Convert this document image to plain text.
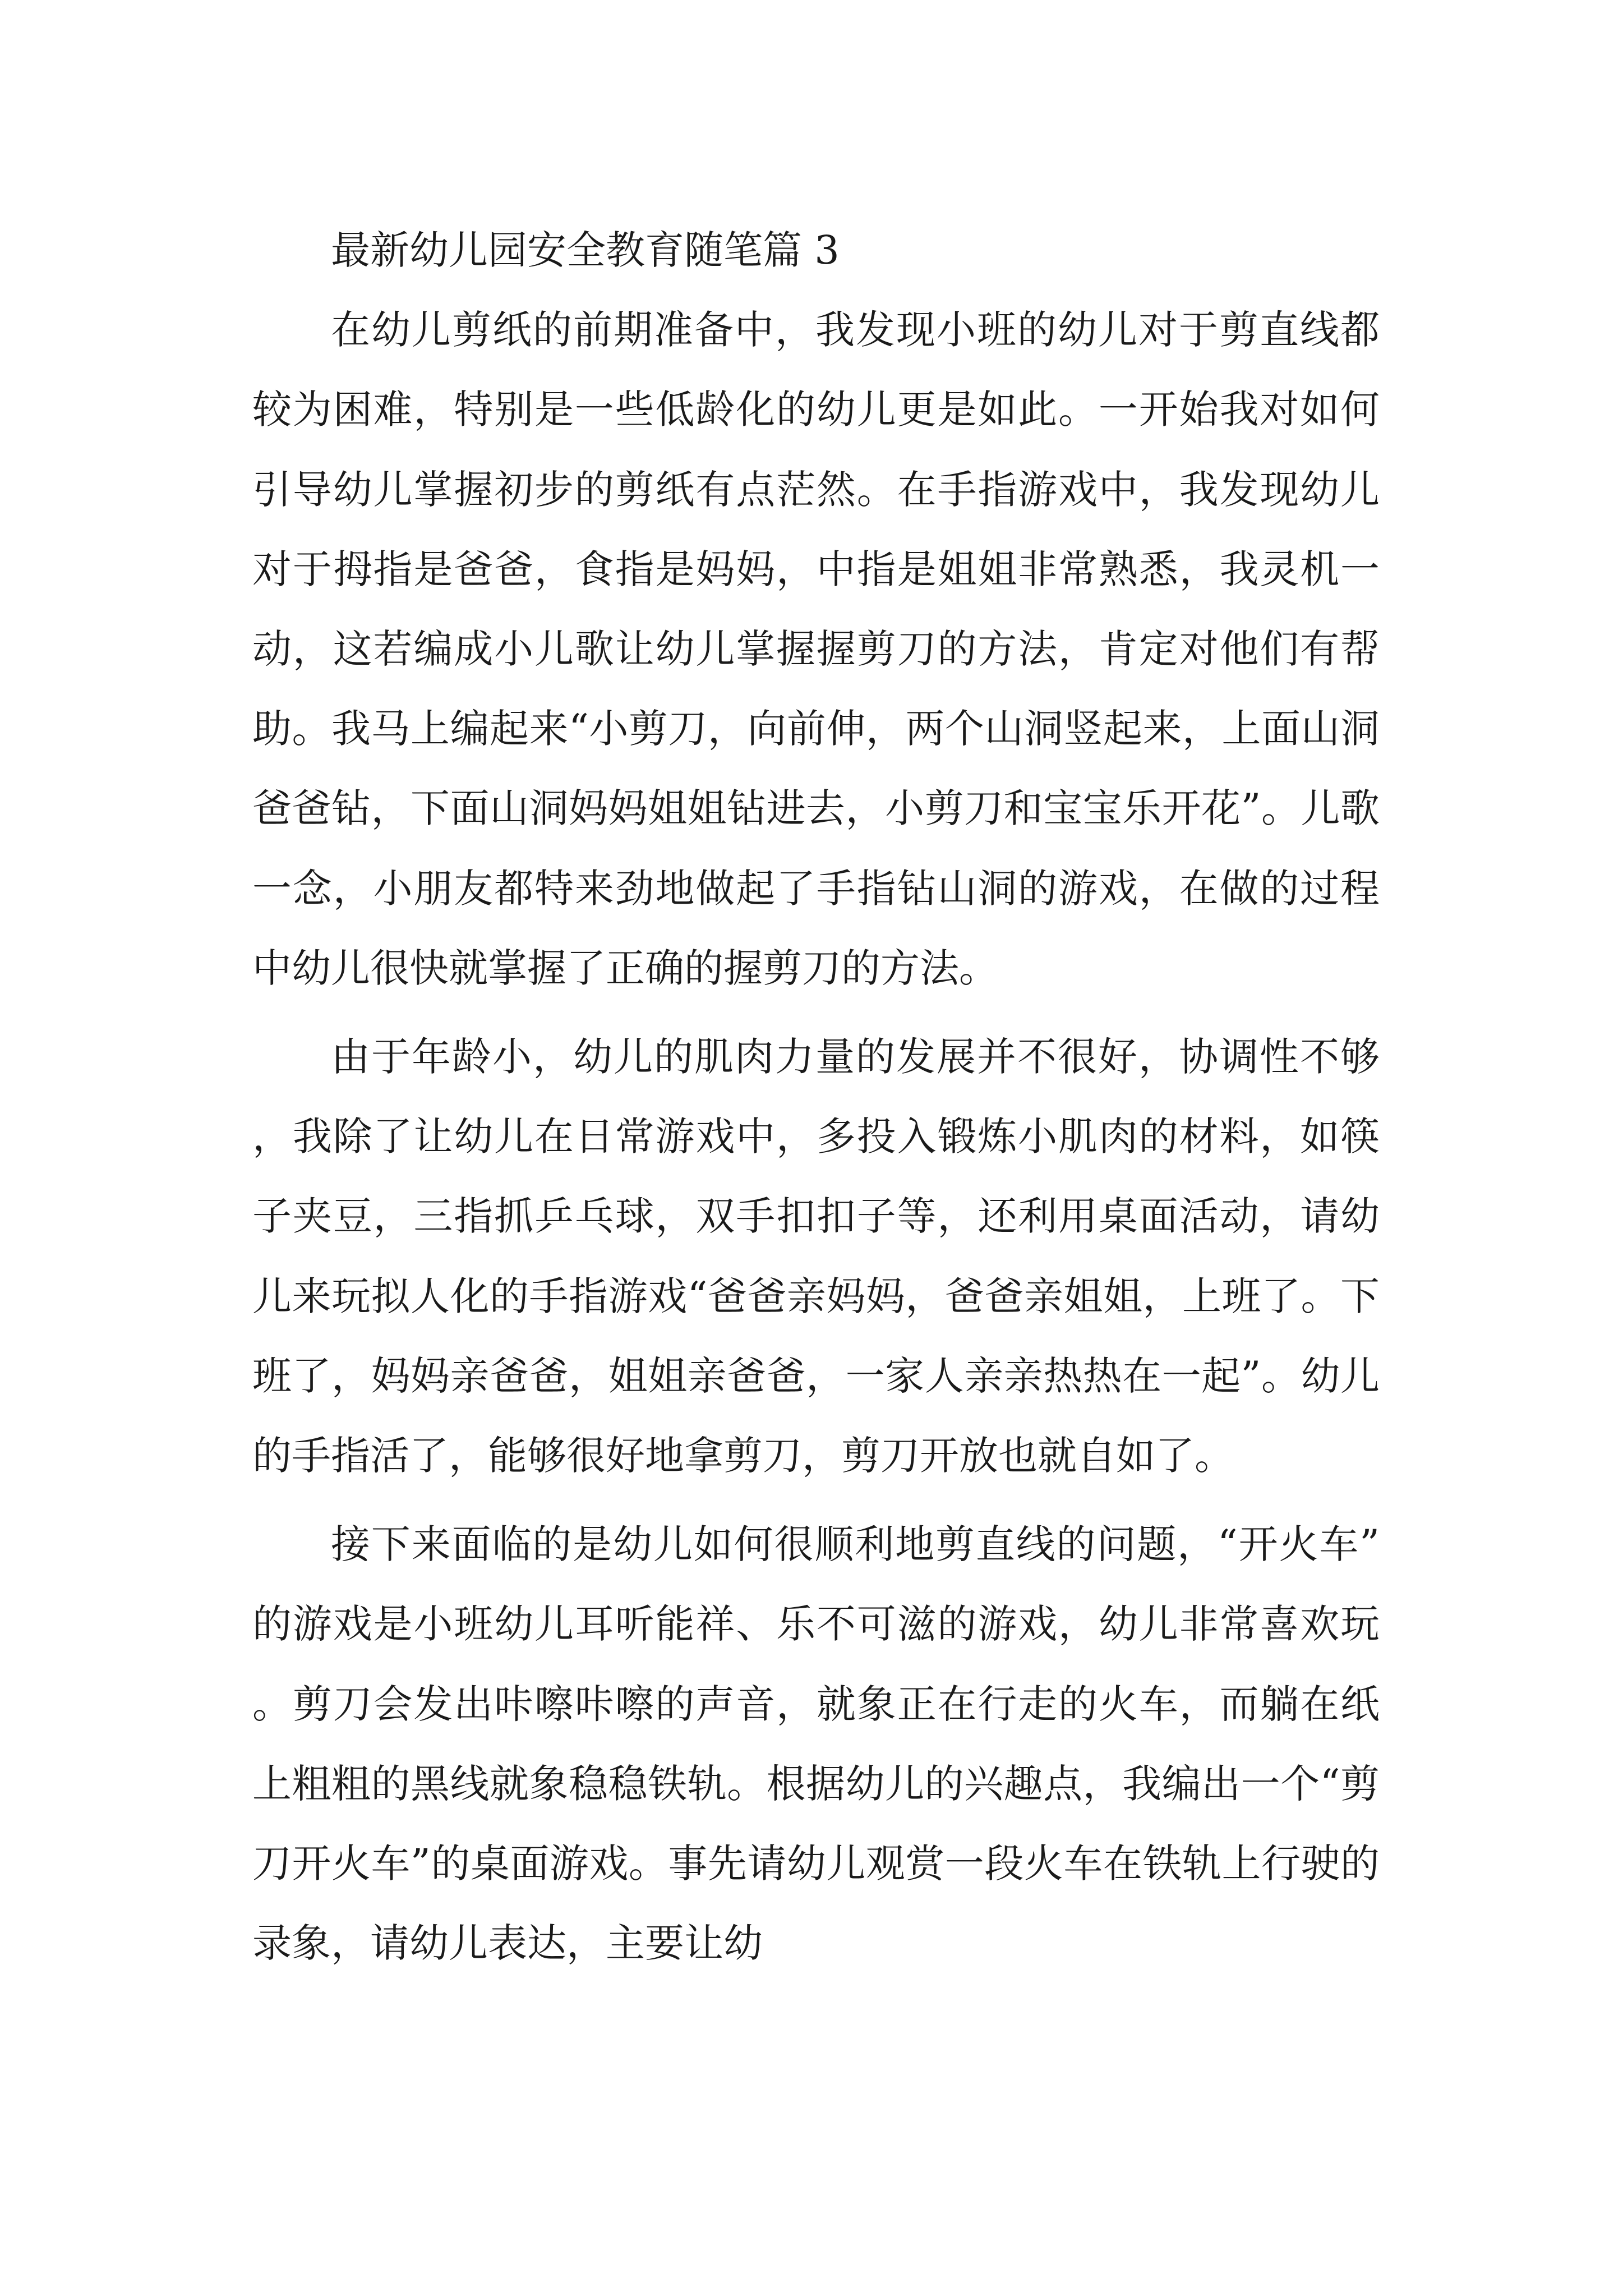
最新幼儿园安全教育随笔篇 3

在幼儿剪纸的前期准备中，我发现小班的幼儿对于剪直线都较为困难，特别是一些低龄化的幼儿更是如此。一开始我对如何引导幼儿掌握初步的剪纸有点茫然。在手指游戏中，我发现幼儿对于拇指是爸爸，食指是妈妈，中指是姐姐非常熟悉，我灵机一动，这若编成小儿歌让幼儿掌握握剪刀的方法，肯定对他们有帮助。我马上编起来“小剪刀，向前伸，两个山洞竖起来，上面山洞爸爸钻，下面山洞妈妈姐姐钻进去，小剪刀和宝宝乐开花”。儿歌一念，小朋友都特来劲地做起了手指钻山洞的游戏，在做的过程中幼儿很快就掌握了正确的握剪刀的方法。

由于年龄小，幼儿的肌肉力量的发展并不很好，协调性不够，我除了让幼儿在日常游戏中，多投入锻炼小肌肉的材料，如筷子夹豆，三指抓乒乓球，双手扣扣子等，还利用桌面活动，请幼儿来玩拟人化的手指游戏“爸爸亲妈妈，爸爸亲姐姐，上班了。下班了，妈妈亲爸爸，姐姐亲爸爸，一家人亲亲热热在一起”。幼儿的手指活了，能够很好地拿剪刀，剪刀开放也就自如了。

接下来面临的是幼儿如何很顺利地剪直线的问题，“开火车”的游戏是小班幼儿耳听能祥、乐不可滋的游戏，幼儿非常喜欢玩。剪刀会发出咔嚓咔嚓的声音，就象正在行走的火车，而躺在纸上粗粗的黑线就象稳稳铁轨。根据幼儿的兴趣点，我编出一个“剪刀开火车”的桌面游戏。事先请幼儿观赏一段火车在铁轨上行驶的录象，请幼儿表达，主要让幼
